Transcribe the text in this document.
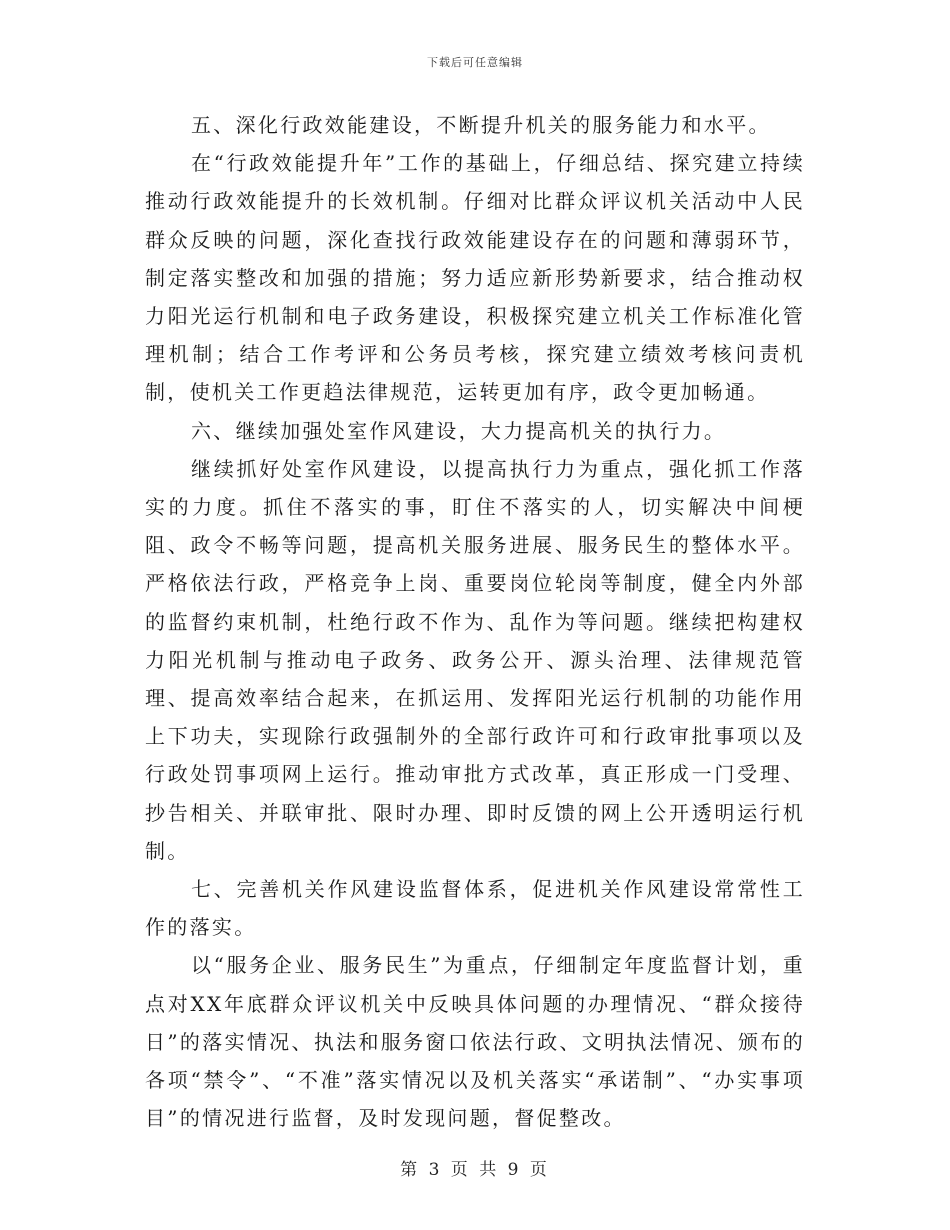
下载后可任意编辑

五、深化行政效能建设，不断提升机关的服务能力和水平。

在“行政效能提升年”工作的基础上，仔细总结、探究建立持续推动行政效能提升的长效机制。仔细对比群众评议机关活动中人民群众反映的问题，深化查找行政效能建设存在的问题和薄弱环节，制定落实整改和加强的措施；努力适应新形势新要求，结合推动权力阳光运行机制和电子政务建设，积极探究建立机关工作标准化管理机制；结合工作考评和公务员考核，探究建立绩效考核问责机制，使机关工作更趋法律规范，运转更加有序，政令更加畅通。

六、继续加强处室作风建设，大力提高机关的执行力。

继续抓好处室作风建设，以提高执行力为重点，强化抓工作落实的力度。抓住不落实的事，盯住不落实的人，切实解决中间梗阻、政令不畅等问题，提高机关服务进展、服务民生的整体水平。严格依法行政，严格竞争上岗、重要岗位轮岗等制度，健全内外部的监督约束机制，杜绝行政不作为、乱作为等问题。继续把构建权力阳光机制与推动电子政务、政务公开、源头治理、法律规范管理、提高效率结合起来，在抓运用、发挥阳光运行机制的功能作用上下功夫，实现除行政强制外的全部行政许可和行政审批事项以及行政处罚事项网上运行。推动审批方式改革，真正形成一门受理、抄告相关、并联审批、限时办理、即时反馈的网上公开透明运行机制。

七、完善机关作风建设监督体系，促进机关作风建设常常性工作的落实。

以“服务企业、服务民生”为重点，仔细制定年度监督计划，重点对XX年底群众评议机关中反映具体问题的办理情况、“群众接待日”的落实情况、执法和服务窗口依法行政、文明执法情况、颁布的各项“禁令”、“不准”落实情况以及机关落实“承诺制”、“办实事项目”的情况进行监督，及时发现问题，督促整改。

第 3 页 共 9 页
